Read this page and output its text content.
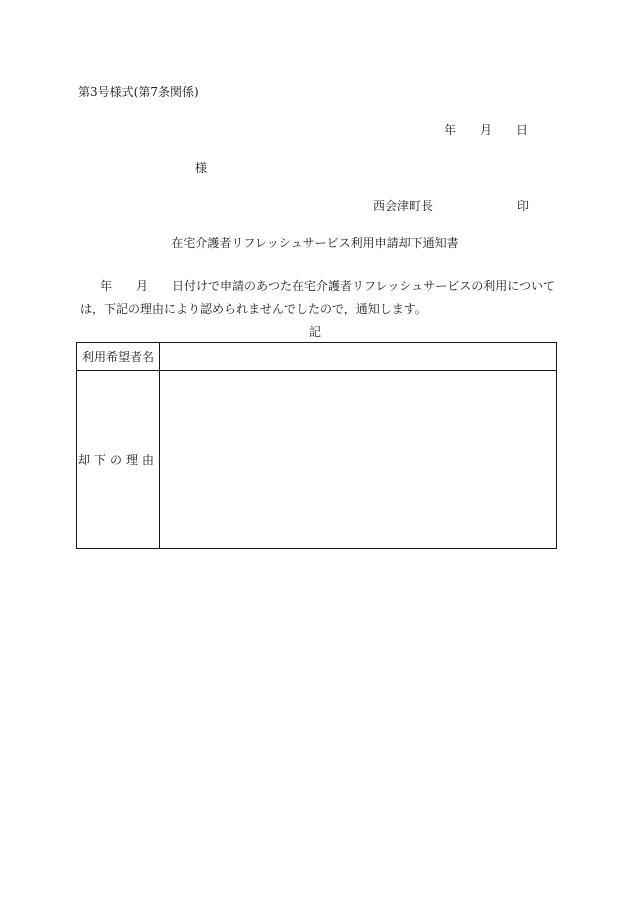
第3号様式(第7条関係)
年 月 日
様
西会津町長	印
在宅介護者リフレッシュサービス利用申請却下通知書
年 月 日付けで申請のあつた在宅介護者リフレッシュサービスの利用については，下記の理由により認められませんでしたので，通知します。
記
利用希望者名	
却下の理由	
